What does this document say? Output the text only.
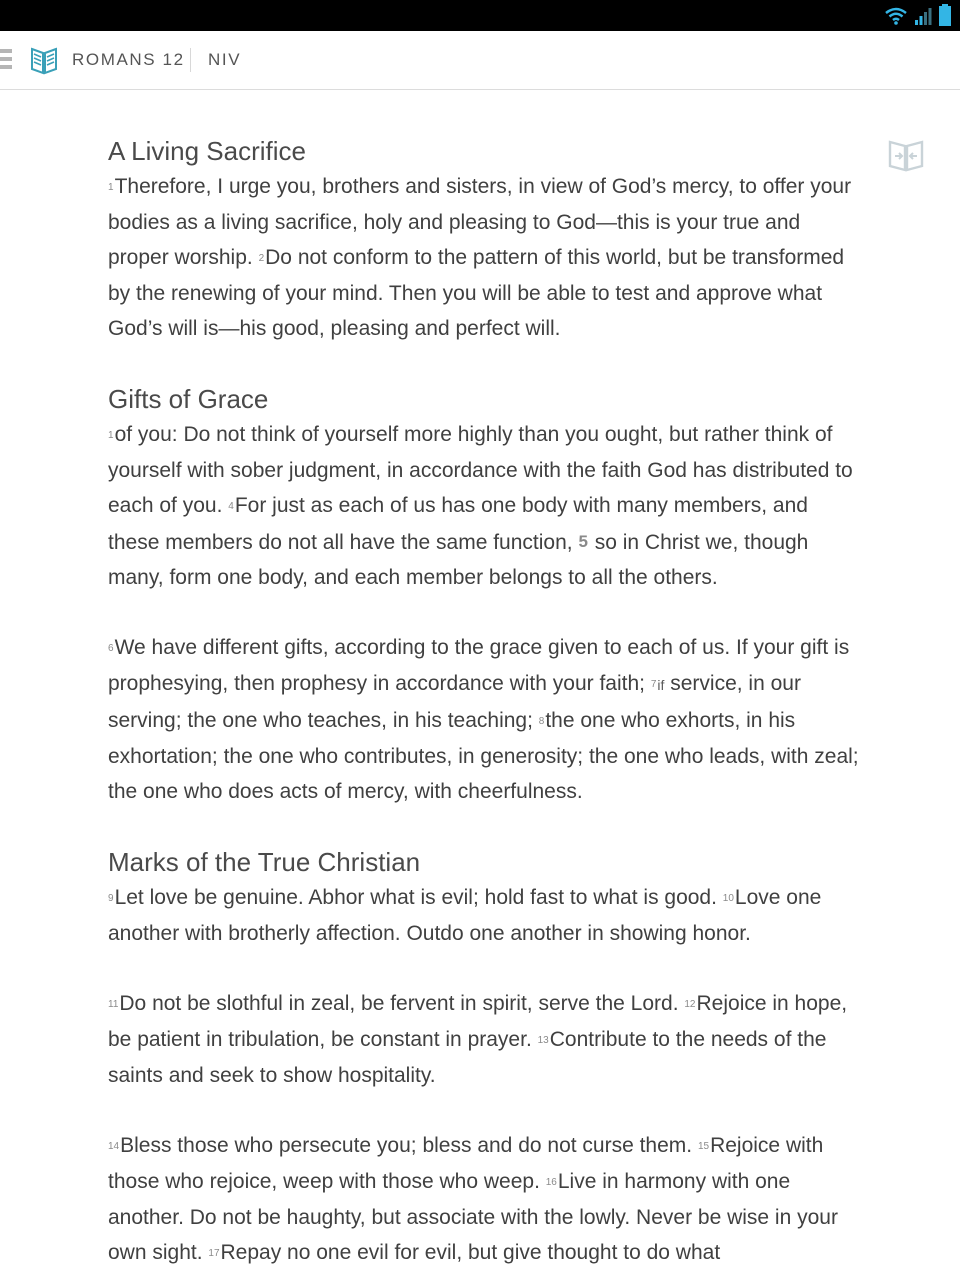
ROMANS 12 NIV
A Living Sacrifice

1Therefore, I urge you, brothers and sisters, in view of God’s mercy, to offer your bodies as a living sacrifice, holy and pleasing to God—this is your true and proper worship. 2Do not conform to the pattern of this world, but be transformed by the renewing of your mind. Then you will be able to test and approve what God’s will is—his good, pleasing and perfect will.

Gifts of Grace

1of you: Do not think of yourself more highly than you ought, but rather think of yourself with sober judgment, in accordance with the faith God has distributed to each of you. 4For just as each of us has one body with many members, and these members do not all have the same function, 5 so in Christ we, though many, form one body, and each member belongs to all the others.

6We have different gifts, according to the grace given to each of us. If your gift is prophesying, then prophesy in accordance with your faith; 7if service, in our serving; the one who teaches, in his teaching; 8the one who exhorts, in his exhortation; the one who contributes, in generosity; the one who leads, with zeal; the one who does acts of mercy, with cheerfulness.

Marks of the True Christian

9Let love be genuine. Abhor what is evil; hold fast to what is good. 10Love one another with brotherly affection. Outdo one another in showing honor.

11Do not be slothful in zeal, be fervent in spirit, serve the Lord. 12Rejoice in hope, be patient in tribulation, be constant in prayer. 13Contribute to the needs of the saints and seek to show hospitality.

14Bless those who persecute you; bless and do not curse them. 15Rejoice with those who rejoice, weep with those who weep. 16Live in harmony with one another. Do not be haughty, but associate with the lowly. Never be wise in your own sight. 17Repay no one evil for evil, but give thought to do what
